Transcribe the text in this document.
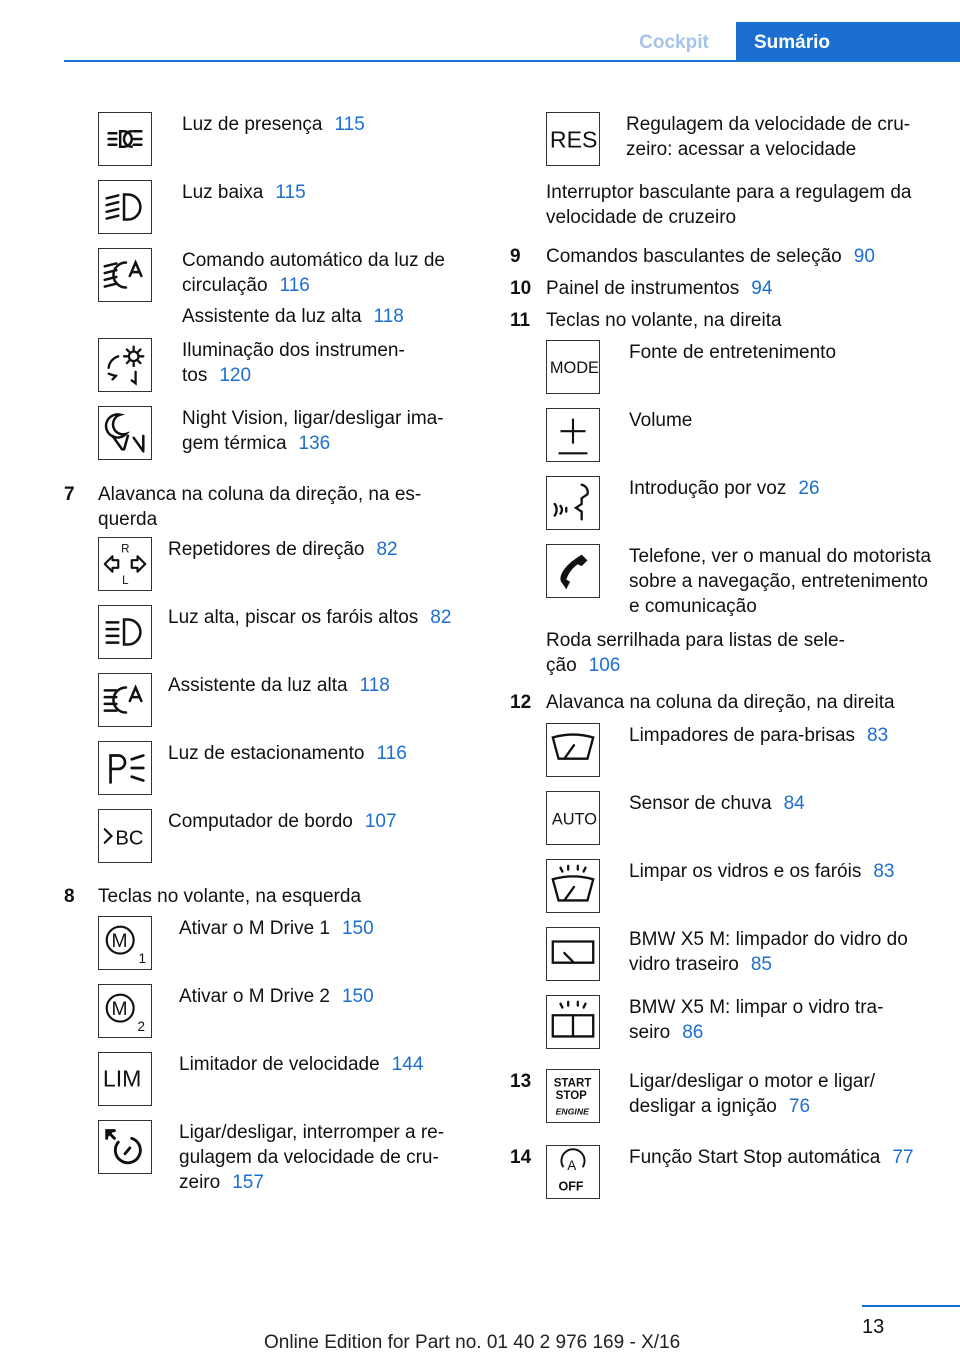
Cockpit	Sumário
Luz de presença 115
Luz baixa 115
Comando automático da luz de circulação 116
Assistente da luz alta 118
Iluminação dos instrumentos 120
Night Vision, ligar/desligar imagem térmica 136
7 Alavanca na coluna da direção, na esquerda
R
L
Repetidores de direção 82
Luz alta, piscar os faróis altos 82
Assistente da luz alta 118
Luz de estacionamento 116
BC
Computador de bordo 107
8 Teclas no volante, na esquerda
M
1
Ativar o M Drive 1 150
M
2
Ativar o M Drive 2 150
LIM
Limitador de velocidade 144
Ligar/desligar, interromper a regulagem da velocidade de cruzeiro 157
RES
Regulagem da velocidade de cruzeiro: acessar a velocidade
Interruptor basculante para a regulagem da velocidade de cruzeiro
9 Comandos basculantes de seleção 90
10 Painel de instrumentos 94
11 Teclas no volante, na direita
MODE
Fonte de entretenimento
Volume
Introdução por voz 26
Telefone, ver o manual do motorista sobre a navegação, entretenimento e comunicação
Roda serrilhada para listas de seleção 106
12 Alavanca na coluna da direção, na direita
Limpadores de para-brisas 83
AUTO
Sensor de chuva 84
Limpar os vidros e os faróis 83
BMW X5 M: limpador do vidro do vidro traseiro 85
BMW X5 M: limpar o vidro traseiro 86
13 START
STOP
ENGINE
Ligar/desligar o motor e ligar/ desligar a ignição 76
14	A
OFF
Função Start Stop automática 77
13
Online Edition for Part no. 01 40 2 976 169 - X/16
